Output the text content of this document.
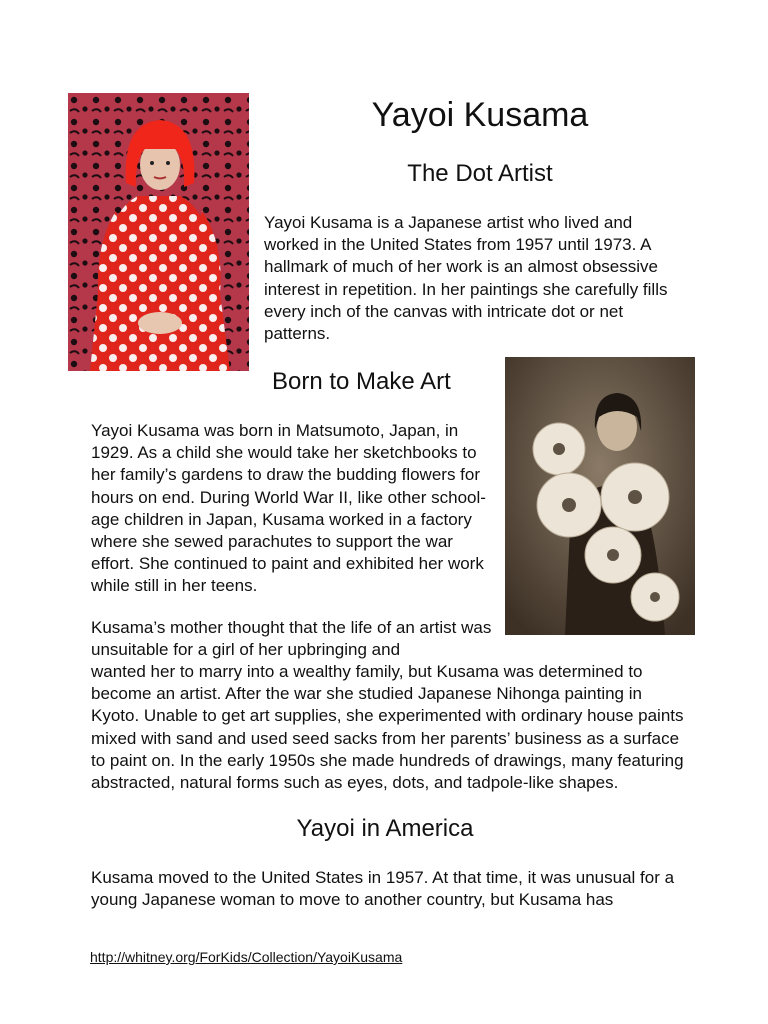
Yayoi Kusama
The Dot Artist

Yayoi Kusama is a Japanese artist who lived and worked in the United States from 1957 until 1973. A hallmark of much of her work is an almost obsessive interest in repetition. In her paintings she carefully fills every inch of the canvas with intricate dot or net patterns.

Born to Make Art

Yayoi Kusama was born in Matsumoto, Japan, in 1929. As a child she would take her sketchbooks to her family’s gardens to draw the budding flowers for hours on end. During World War II, like other school-age children in Japan, Kusama worked in a factory where she sewed parachutes to support the war effort. She continued to paint and exhibited her work while still in her teens.

Kusama’s mother thought that the life of an artist was unsuitable for a girl of her upbringing and

wanted her to marry into a wealthy family, but Kusama was determined to become an artist. After the war she studied Japanese Nihonga painting in Kyoto. Unable to get art supplies, she experimented with ordinary house paints mixed with sand and used seed sacks from her parents’ business as a surface to paint on. In the early 1950s she made hundreds of drawings, many featuring abstracted, natural forms such as eyes, dots, and tadpole-like shapes.

Yayoi in America

Kusama moved to the United States in 1957. At that time, it was unusual for a young Japanese woman to move to another country, but Kusama has

http://whitney.org/ForKids/Collection/YayoiKusama
